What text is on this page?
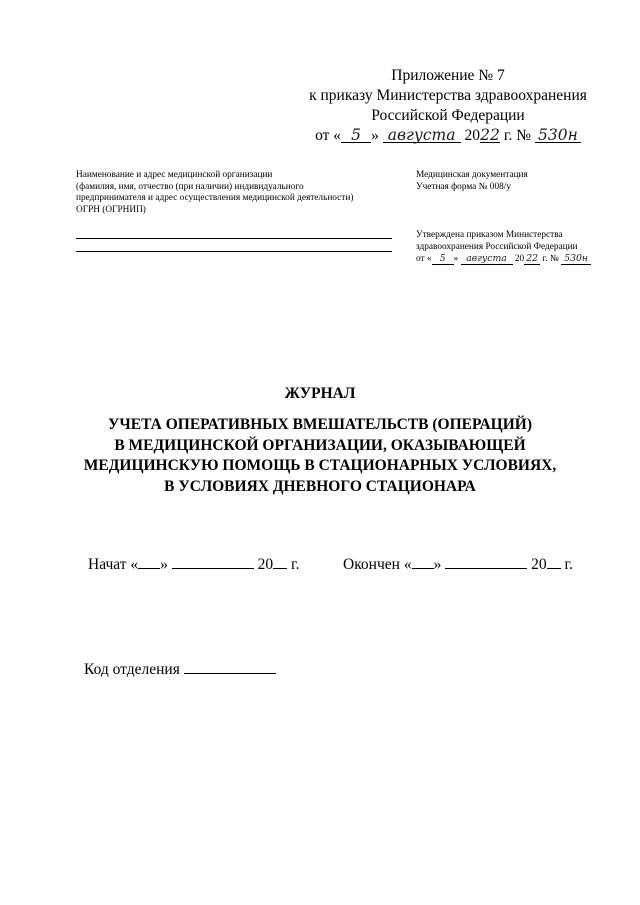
Приложение № 7
к приказу Министерства здравоохранения
Российской Федерации
от « 5 » августа 2022 г. № 530н
Наименование и адрес медицинской организации
(фамилия, имя, отчество (при наличии) индивидуального
предпринимателя и адрес осуществления медицинской деятельности)
ОГРН (ОГРНИП)
Медицинская документация
Учетная форма № 008/у
Утверждена приказом Министерства
здравоохранения Российской Федерации
от « 5 » августа 20 22 г. № 530н
ЖУРНАЛ
УЧЕТА ОПЕРАТИВНЫХ ВМЕШАТЕЛЬСТВ (ОПЕРАЦИЙ)
В МЕДИЦИНСКОЙ ОРГАНИЗАЦИИ, ОКАЗЫВАЮЩЕЙ
МЕДИЦИНСКУЮ ПОМОЩЬ В СТАЦИОНАРНЫХ УСЛОВИЯХ,
В УСЛОВИЯХ ДНЕВНОГО СТАЦИОНАРА
Начат « »	20 г.	Окончен « »	20 г.
Код отделения
